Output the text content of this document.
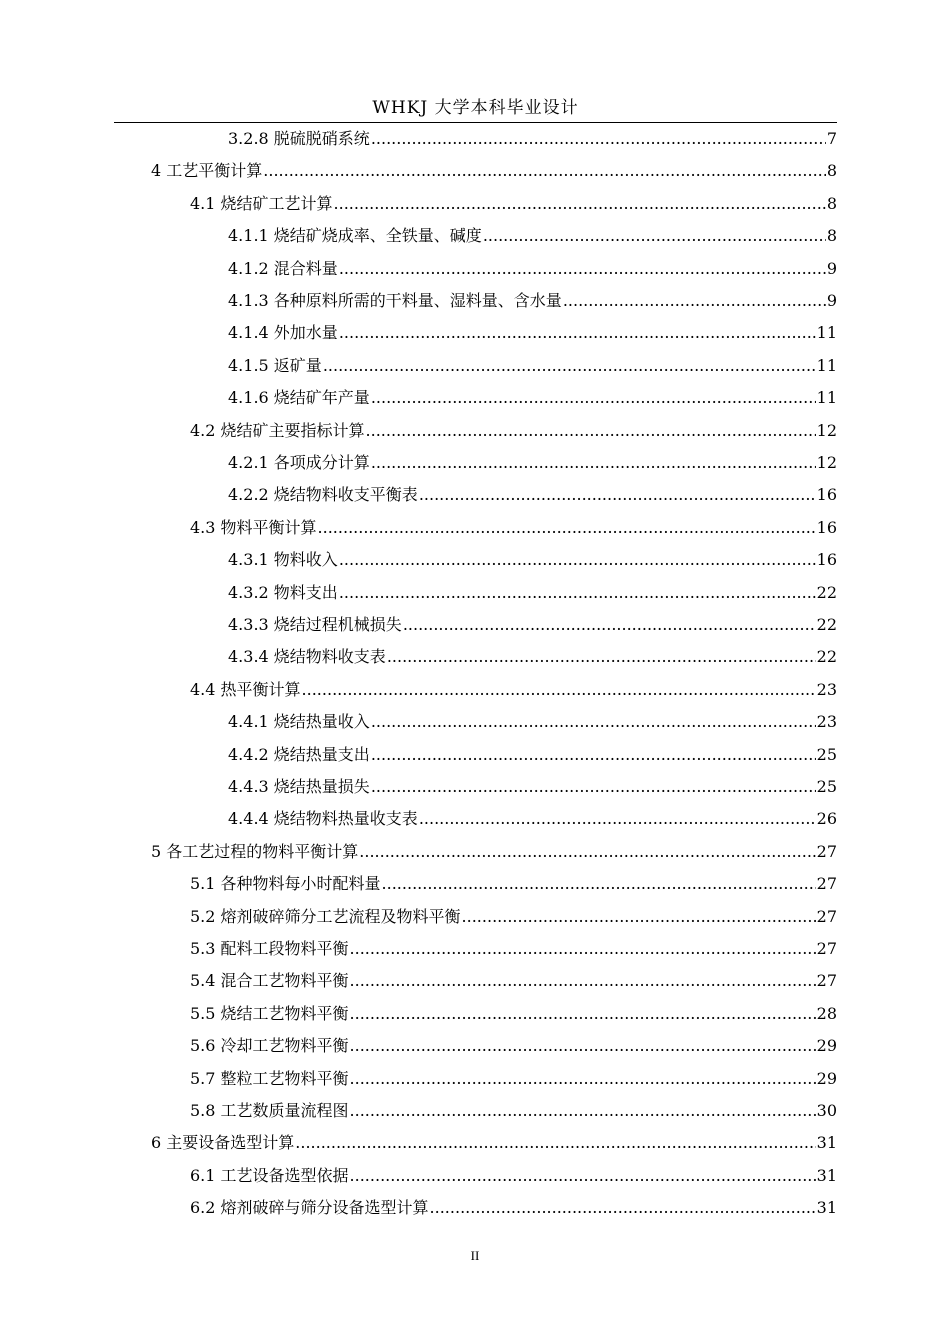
WHKJ 大学本科毕业设计
3.2.8 脱硫脱硝系统 .....	7
4 工艺平衡计算 .....	8
4.1 烧结矿工艺计算 .....	8
4.1.1 烧结矿烧成率、全铁量、碱度 .....	8
4.1.2 混合料量 .....	9
4.1.3 各种原料所需的干料量、湿料量、含水量 .....	9
4.1.4 外加水量 .....	11
4.1.5 返矿量 .....	11
4.1.6 烧结矿年产量 .....	11
4.2 烧结矿主要指标计算 .....	12
4.2.1 各项成分计算 .....	12
4.2.2 烧结物料收支平衡表 .....	16
4.3 物料平衡计算 .....	16
4.3.1 物料收入 .....	16
4.3.2 物料支出 .....	22
4.3.3 烧结过程机械损失 .....	22
4.3.4 烧结物料收支表 .....	22
4.4 热平衡计算 .....	23
4.4.1 烧结热量收入 .....	23
4.4.2 烧结热量支出 .....	25
4.4.3 烧结热量损失 .....	25
4.4.4 烧结物料热量收支表 .....	26
5 各工艺过程的物料平衡计算 .....	27
5.1 各种物料每小时配料量 .....	27
5.2 熔剂破碎筛分工艺流程及物料平衡 .....	27
5.3 配料工段物料平衡 .....	27
5.4 混合工艺物料平衡 .....	27
5.5 烧结工艺物料平衡 .....	28
5.6 冷却工艺物料平衡 .....	29
5.7 整粒工艺物料平衡 .....	29
5.8 工艺数质量流程图 .....	30
6 主要设备选型计算 .....	31
6.1 工艺设备选型依据 .....	31
6.2 熔剂破碎与筛分设备选型计算 .....	31
II
